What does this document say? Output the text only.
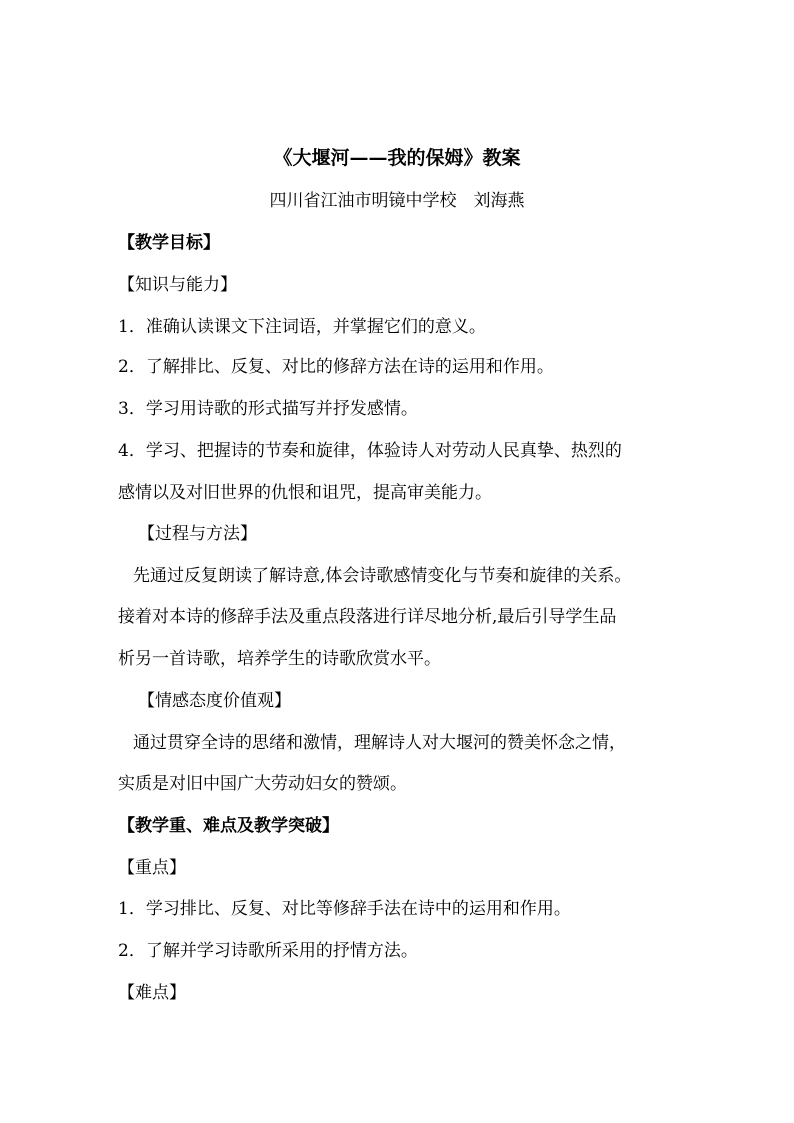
《大堰河——我的保姆》教案
四川省江油市明镜中学校　刘海燕
【教学目标】
【知识与能力】
1．准确认读课文下注词语，并掌握它们的意义。
2．了解排比、反复、对比的修辞方法在诗的运用和作用。
3．学习用诗歌的形式描写并抒发感情。
4．学习、把握诗的节奏和旋律，体验诗人对劳动人民真挚、热烈的
感情以及对旧世界的仇恨和诅咒，提高审美能力。
【过程与方法】
先通过反复朗读了解诗意,体会诗歌感情变化与节奏和旋律的关系。
接着对本诗的修辞手法及重点段落进行详尽地分析,最后引导学生品
析另一首诗歌，培养学生的诗歌欣赏水平。
【情感态度价值观】
通过贯穿全诗的思绪和激情，理解诗人对大堰河的赞美怀念之情，
实质是对旧中国广大劳动妇女的赞颂。
【教学重、难点及教学突破】
【重点】
1．学习排比、反复、对比等修辞手法在诗中的运用和作用。
2．了解并学习诗歌所采用的抒情方法。
【难点】
